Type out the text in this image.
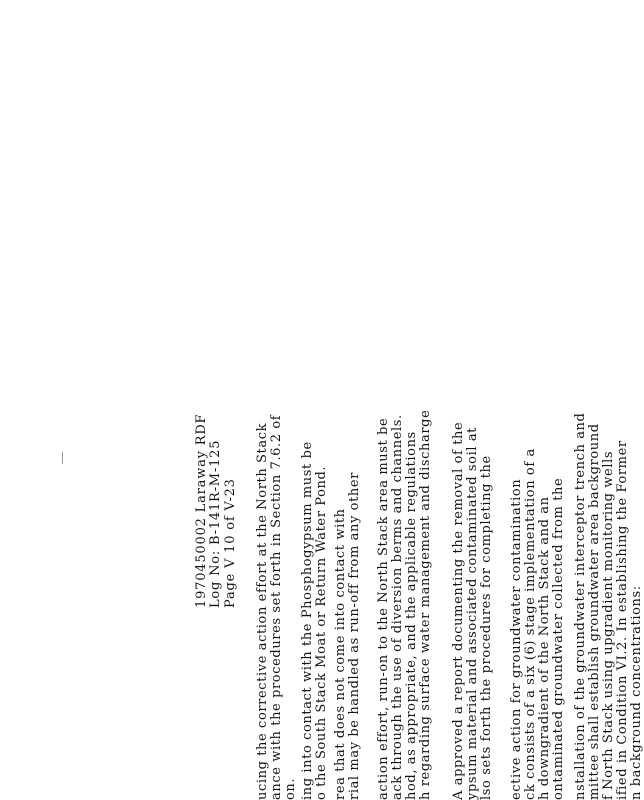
1970450002 Laraway RDF Log No: B-141R-M-125 Page V 10 of V-23 ucing the corrective action effort at the North Stack ance with the procedures set forth in Section 7.6.2 of on. ing into contact with the Phosphogypsum must be o the South Stack Moat or Return Water Pond. rea that does not come into contact with rial may be handled as run-off from any other action effort, run-on to the North Stack area must be ack through the use of diversion berms and channels. hod, as appropriate, and the applicable regulations h regarding surface water management and discharge A approved a report documenting the removal of the ypsum material and associated contaminated soil at lso sets forth the procedures for completing the ective action for groundwater contamination ck consists of a six (6) stage implementation of a h downgradient of the North Stack and an ontaminated groundwater collected from the nstallation of the groundwater interceptor trench and mittee shall establish groundwater area background f North Stack using upgradient monitoring wells ified in Condition VI.2. In establishing the Former n background concentrations:
